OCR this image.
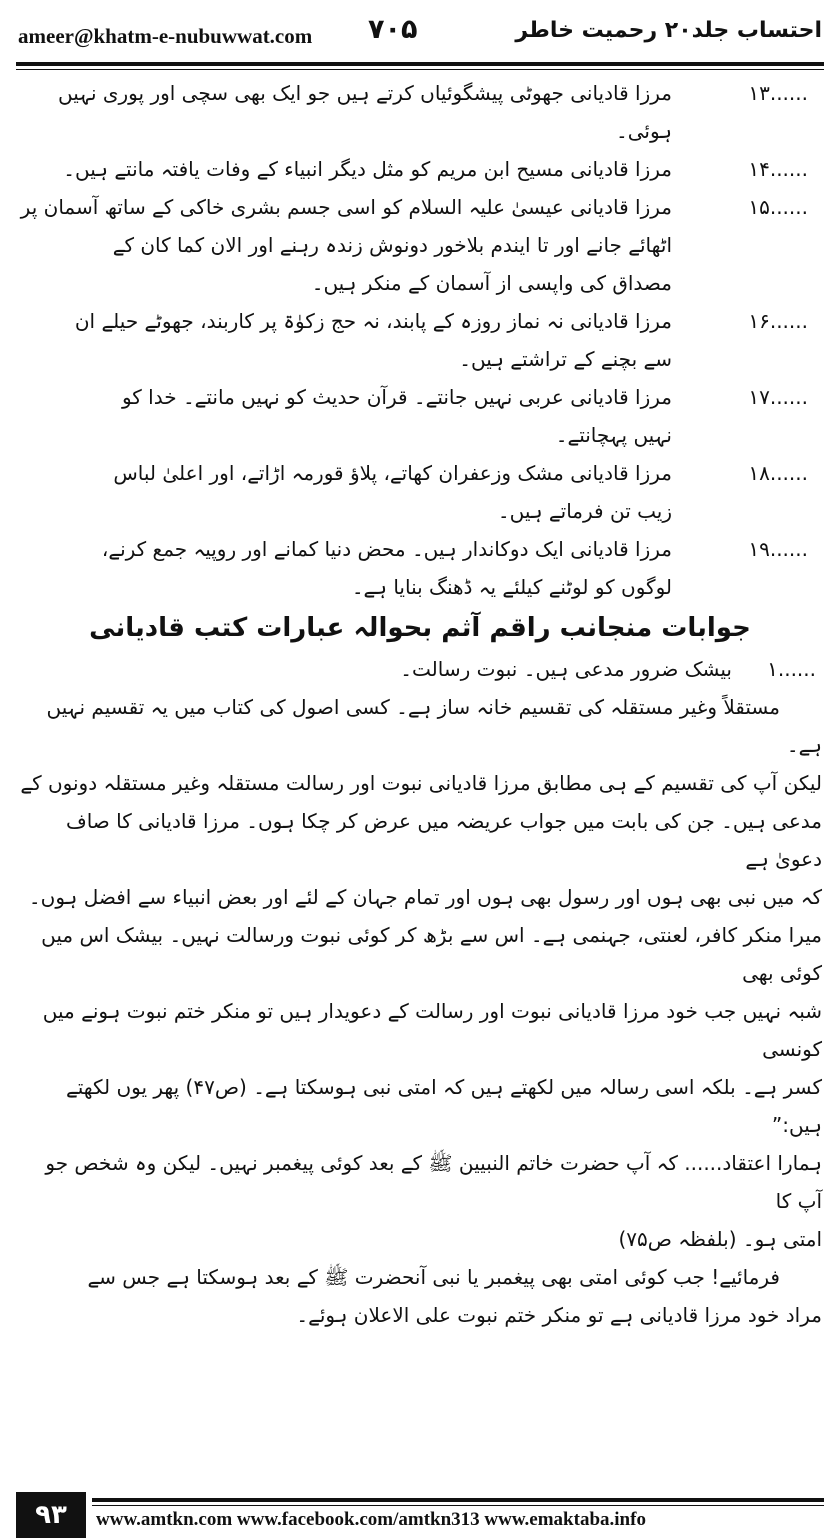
ameer@khatm-e-nubuwwat.com ۷۰۵	احتساب جلد۲۰ رحمیت خاطر
۱۳......

مرزا قادیانی جھوٹی پیشگوئیاں کرتے ہیں جو ایک بھی سچی اور پوری نہیں ہوئی۔

۱۴......

مرزا قادیانی مسیح ابن مریم کو مثل دیگر انبیاء کے وفات یافتہ مانتے ہیں۔

۱۵......

مرزا قادیانی عیسیٰ علیہ السلام کو اسی جسم بشری خاکی کے ساتھ آسمان پر

اٹھائے جانے اور تا ایندم بلاخور دونوش زندہ رہنے اور الان کما کان کے

مصداق کی واپسی از آسمان کے منکر ہیں۔

۱۶......

مرزا قادیانی نہ نماز روزہ کے پابند، نہ حج زکوٰۃ پر کاربند، جھوٹے حیلے ان

سے بچنے کے تراشتے ہیں۔

۱۷......

مرزا قادیانی عربی نہیں جانتے۔ قرآن حدیث کو نہیں مانتے۔ خدا کو

نہیں پہچانتے۔

۱۸......

مرزا قادیانی مشک وزعفران کھاتے، پلاؤ قورمہ اڑاتے، اور اعلیٰ لباس

زیب تن فرماتے ہیں۔

۱۹......

مرزا قادیانی ایک دوکاندار ہیں۔ محض دنیا کمانے اور روپیہ جمع کرنے،

لوگوں کو لوٹنے کیلئے یہ ڈھنگ بنایا ہے۔

جوابات منجانب راقم آثم بحوالہ عبارات کتب قادیانی
۱......

بیشک ضرور مدعی ہیں۔ نبوت رسالت۔

مستقلاً وغیر مستقلہ کی تقسیم خانہ ساز ہے۔ کسی اصول کی کتاب میں یہ تقسیم نہیں ہے۔

لیکن آپ کی تقسیم کے ہی مطابق مرزا قادیانی نبوت اور رسالت مستقلہ وغیر مستقلہ دونوں کے

مدعی ہیں۔ جن کی بابت میں جواب عریضہ میں عرض کر چکا ہوں۔ مرزا قادیانی کا صاف دعویٰ ہے

کہ میں نبی بھی ہوں اور رسول بھی ہوں اور تمام جہان کے لئے اور بعض انبیاء سے افضل ہوں۔

میرا منکر کافر، لعنتی، جہنمی ہے۔ اس سے بڑھ کر کوئی نبوت ورسالت نہیں۔ بیشک اس میں کوئی بھی

شبہ نہیں جب خود مرزا قادیانی نبوت اور رسالت کے دعویدار ہیں تو منکر ختم نبوت ہونے میں کونسی

کسر ہے۔ بلکہ اسی رسالہ میں لکھتے ہیں کہ امتی نبی ہوسکتا ہے۔ (ص۴۷) پھر یوں لکھتے ہیں:”

ہمارا اعتقاد...... کہ آپ حضرت خاتم النبیین ﷺ کے بعد کوئی پیغمبر نہیں۔ لیکن وہ شخص جو آپ کا

امتی ہو۔ (بلفظہ ص۷۵)

فرمائیے! جب کوئی امتی بھی پیغمبر یا نبی آنحضرت ﷺ کے بعد ہوسکتا ہے جس سے

مراد خود مرزا قادیانی ہے تو منکر ختم نبوت علی الاعلان ہوئے۔

۹۳	www.amtkn.com www.facebook.com/amtkn313 www.emaktaba.info
